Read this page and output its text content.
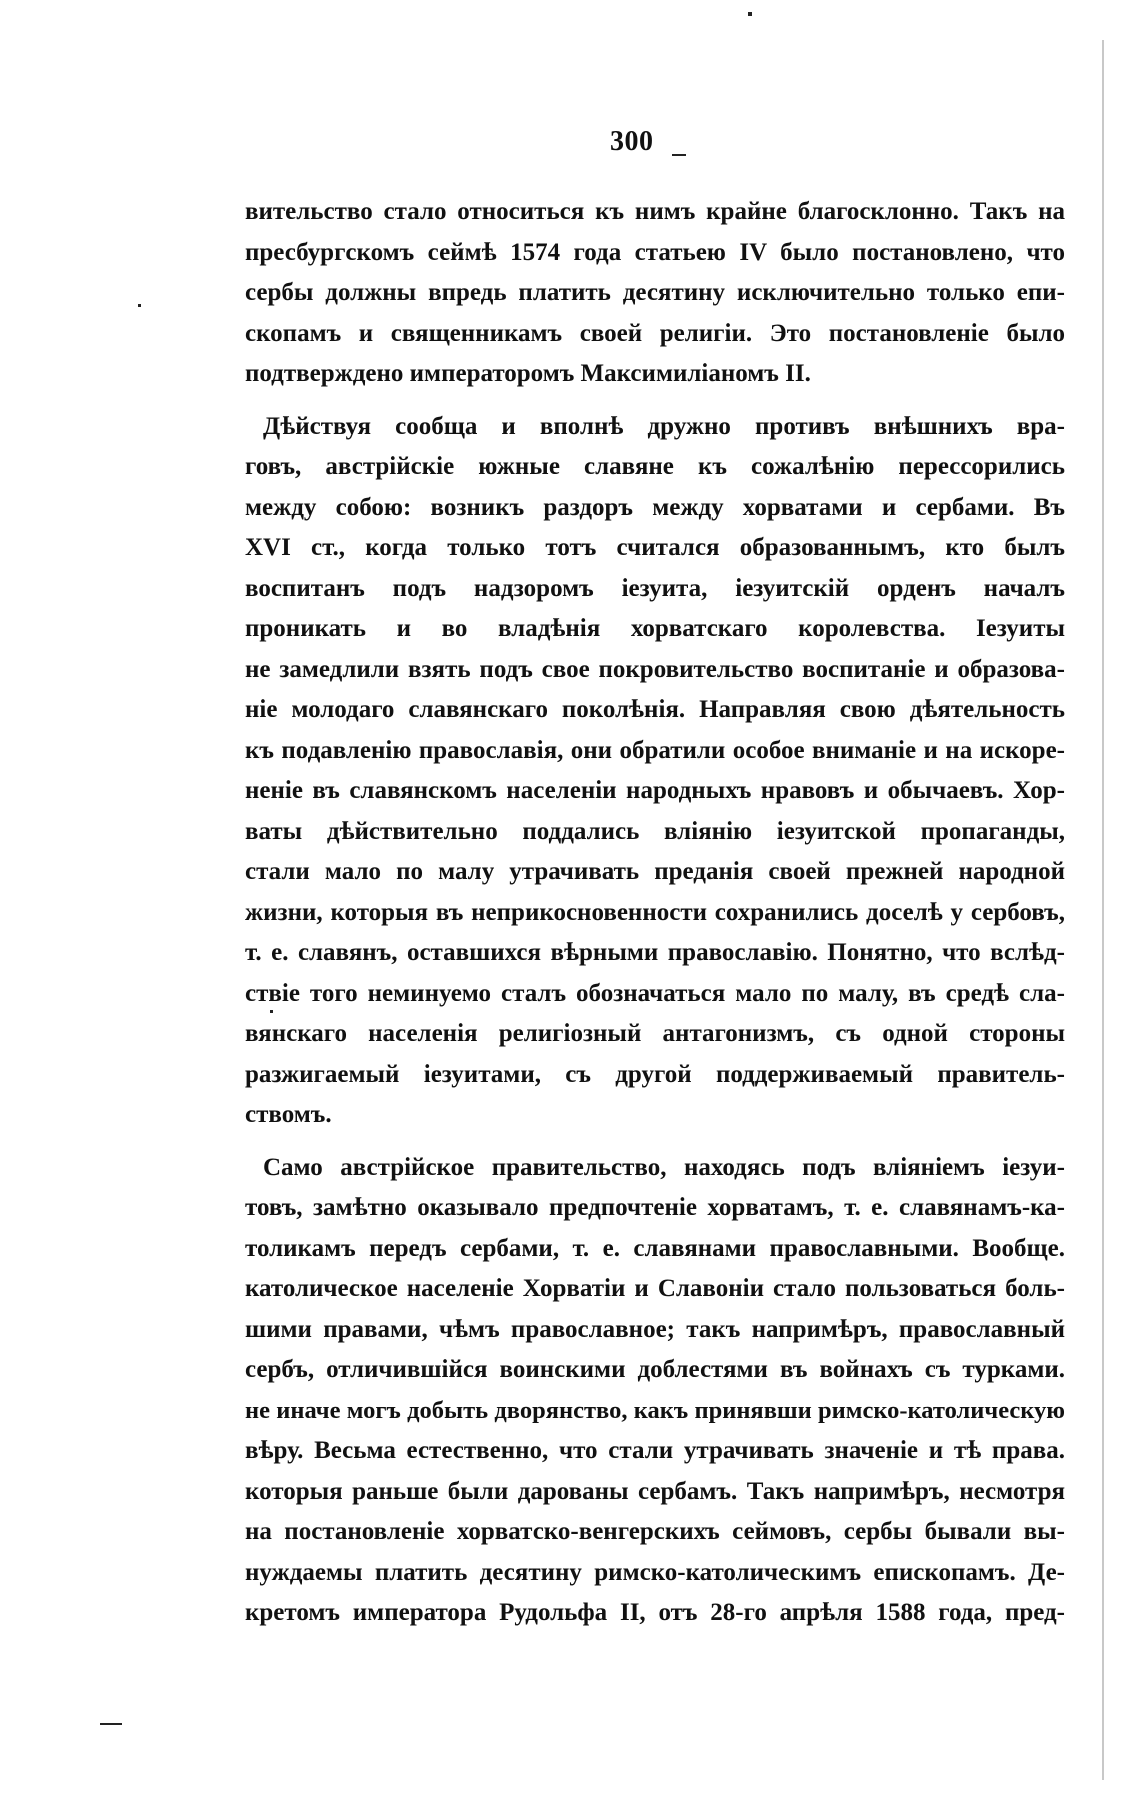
300
вительство стало относиться къ нимъ крайне благосклонно. Такъ на
пресбургскомъ сеймѣ 1574 года статьею IV было постановлено, что
сербы должны впредь платить десятину исключительно только епи-
скопамъ и священникамъ своей религіи. Это постановленіе было
подтверждено императоромъ Максимиліаномъ II.
Дѣйствуя сообща и вполнѣ дружно противъ внѣшнихъ вра-
говъ, австрійскіе южные славяне къ сожалѣнію перессорились
между собою: возникъ раздоръ между хорватами и сербами. Въ
XVI ст., когда только тотъ считался образованнымъ, кто былъ
воспитанъ подъ надзоромъ іезуита, іезуитскій орденъ началъ
проникать и во владѣнія хорватскаго королевства. Іезуиты
не замедлили взять подъ свое покровительство воспитаніе и образова-
ніе молодаго славянскаго поколѣнія. Направляя свою дѣятельность
къ подавленію православія, они обратили особое вниманіе и на искоре-
неніе въ славянскомъ населеніи народныхъ нравовъ и обычаевъ. Хор-
ваты дѣйствительно поддались вліянію іезуитской пропаганды,
стали мало по малу утрачивать преданія своей прежней народной
жизни, которыя въ неприкосновенности сохранились доселѣ у сербовъ,
т. е. славянъ, оставшихся вѣрными православію. Понятно, что вслѣд-
ствіе того неминуемо сталъ обозначаться мало по малу, въ средѣ сла-
вянскаго населенія религіозный антагонизмъ, съ одной стороны
разжигаемый іезуитами, съ другой поддерживаемый правитель-
ствомъ.
Само австрійское правительство, находясь подъ вліяніемъ іезуи-
товъ, замѣтно оказывало предпочтеніе хорватамъ, т. е. славянамъ-ка-
толикамъ передъ сербами, т. е. славянами православными. Вообще.
католическое населеніе Хорватіи и Славоніи стало пользоваться боль-
шими правами, чѣмъ православное; такъ напримѣръ, православный
сербъ, отличившійся воинскими доблестями въ войнахъ съ турками.
не иначе могъ добыть дворянство, какъ принявши римско-католическую
вѣру. Весьма естественно, что стали утрачивать значеніе и тѣ права.
которыя раньше были дарованы сербамъ. Такъ напримѣръ, несмотря
на постановленіе хорватско-венгерскихъ сеймовъ, сербы бывали вы-
нуждаемы платить десятину римско-католическимъ епископамъ. Де-
кретомъ императора Рудольфа II, отъ 28-го апрѣля 1588 года, пред-
